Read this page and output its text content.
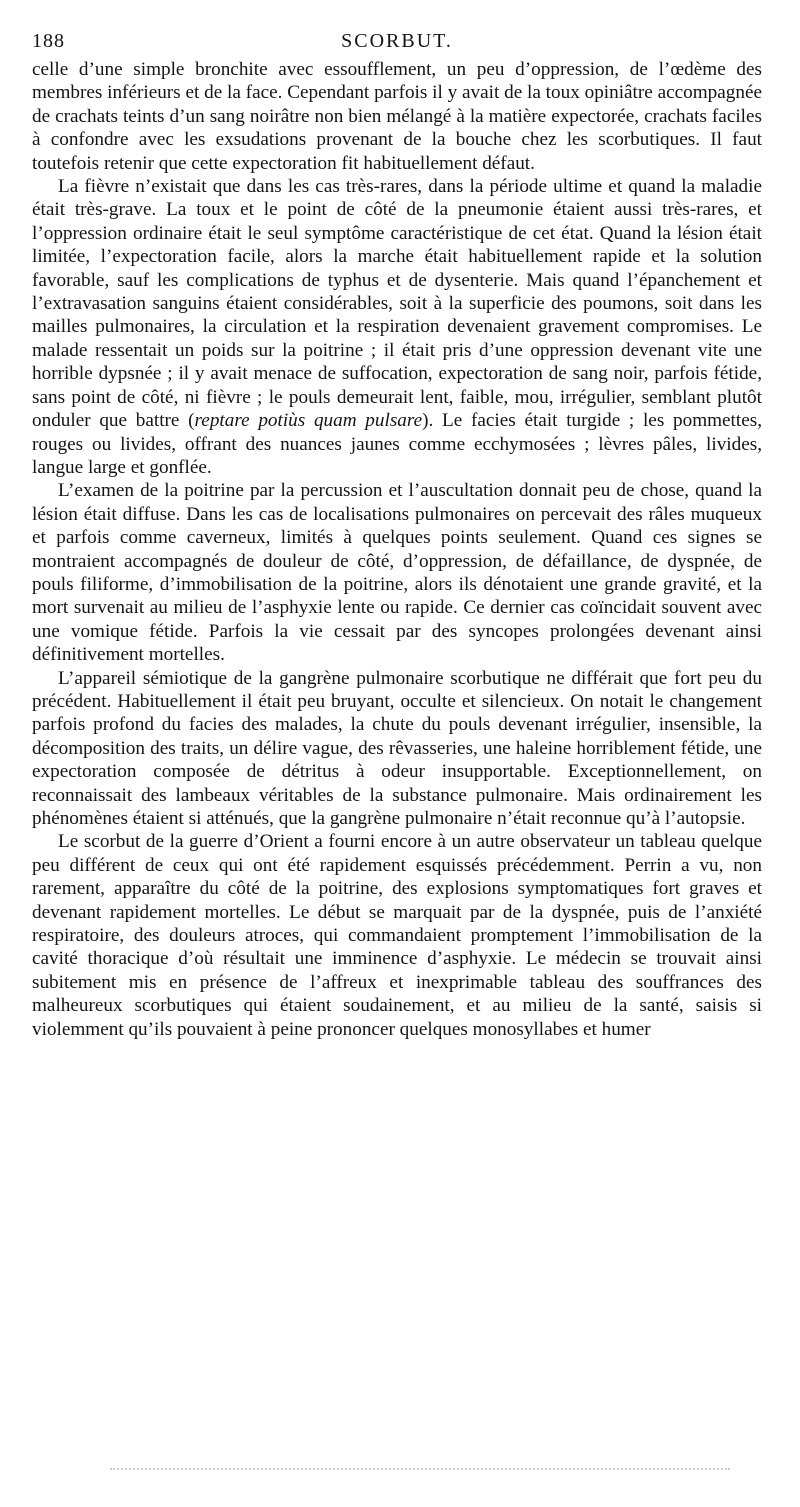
188	SCORBUT.

celle d’une simple bronchite avec essoufflement, un peu d’oppression, de l’œdème des membres inférieurs et de la face. Cependant parfois il y avait de la toux opiniâtre accompagnée de crachats teints d’un sang noirâtre non bien mélangé à la matière expectorée, crachats faciles à confondre avec les exsudations provenant de la bouche chez les scorbutiques. Il faut toutefois retenir que cette expectoration fit habituellement défaut.

La fièvre n’existait que dans les cas très-rares, dans la période ultime et quand la maladie était très-grave. La toux et le point de côté de la pneumonie étaient aussi très-rares, et l’oppression ordinaire était le seul symptôme caractéristique de cet état. Quand la lésion était limitée, l’expectoration facile, alors la marche était habituellement rapide et la solution favorable, sauf les complications de typhus et de dysenterie. Mais quand l’épanchement et l’extravasation sanguins étaient considérables, soit à la superficie des poumons, soit dans les mailles pulmonaires, la circulation et la respiration devenaient gravement compromises. Le malade ressentait un poids sur la poitrine ; il était pris d’une oppression devenant vite une horrible dypsnée ; il y avait menace de suffocation, expectoration de sang noir, parfois fétide, sans point de côté, ni fièvre ; le pouls demeurait lent, faible, mou, irrégulier, semblant plutôt onduler que battre (reptare potiùs quam pulsare). Le facies était turgide ; les pommettes, rouges ou livides, offrant des nuances jaunes comme ecchymosées ; lèvres pâles, livides, langue large et gonflée.

L’examen de la poitrine par la percussion et l’auscultation donnait peu de chose, quand la lésion était diffuse. Dans les cas de localisations pulmonaires on percevait des râles muqueux et parfois comme caverneux, limités à quelques points seulement. Quand ces signes se montraient accompagnés de douleur de côté, d’oppression, de défaillance, de dyspnée, de pouls filiforme, d’immobilisation de la poitrine, alors ils dénotaient une grande gravité, et la mort survenait au milieu de l’asphyxie lente ou rapide. Ce dernier cas coïncidait souvent avec une vomique fétide. Parfois la vie cessait par des syncopes prolongées devenant ainsi définitivement mortelles.

L’appareil sémiotique de la gangrène pulmonaire scorbutique ne différait que fort peu du précédent. Habituellement il était peu bruyant, occulte et silencieux. On notait le changement parfois profond du facies des malades, la chute du pouls devenant irrégulier, insensible, la décomposition des traits, un délire vague, des rêvasseries, une haleine horriblement fétide, une expectoration composée de détritus à odeur insupportable. Exceptionnellement, on reconnaissait des lambeaux véritables de la substance pulmonaire. Mais ordinairement les phénomènes étaient si atténués, que la gangrène pulmonaire n’était reconnue qu’à l’autopsie.

Le scorbut de la guerre d’Orient a fourni encore à un autre observateur un tableau quelque peu différent de ceux qui ont été rapidement esquissés précédemment. Perrin a vu, non rarement, apparaître du côté de la poitrine, des explosions symptomatiques fort graves et devenant rapidement mortelles. Le début se marquait par de la dyspnée, puis de l’anxiété respiratoire, des douleurs atroces, qui commandaient promptement l’immobilisation de la cavité thoracique d’où résultait une imminence d’asphyxie. Le médecin se trouvait ainsi subitement mis en présence de l’affreux et inexprimable tableau des souffrances des malheureux scorbutiques qui étaient soudainement, et au milieu de la santé, saisis si violemment qu’ils pouvaient à peine prononcer quelques monosyllabes et humer
